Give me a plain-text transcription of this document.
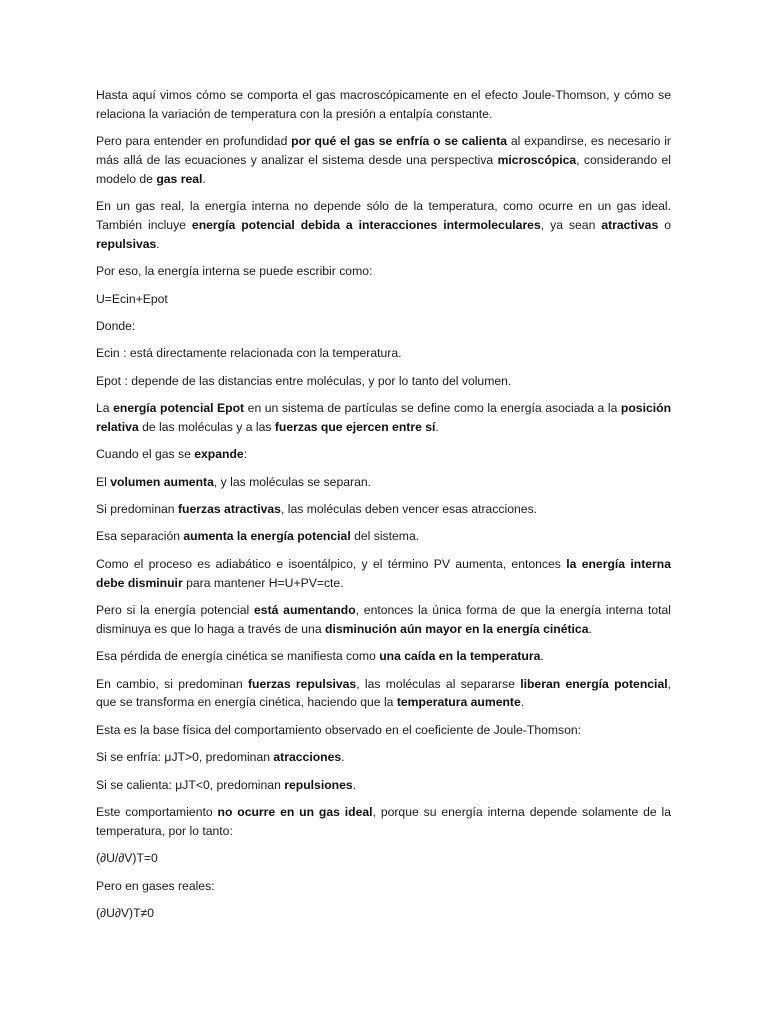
Hasta aquí vimos cómo se comporta el gas macroscópicamente en el efecto Joule-Thomson, y cómo se relaciona la variación de temperatura con la presión a entalpía constante.

Pero para entender en profundidad por qué el gas se enfría o se calienta al expandirse, es necesario ir más allá de las ecuaciones y analizar el sistema desde una perspectiva microscópica, considerando el modelo de gas real.

En un gas real, la energía interna no depende sólo de la temperatura, como ocurre en un gas ideal. También incluye energía potencial debida a interacciones intermoleculares, ya sean atractivas o repulsivas.

Por eso, la energía interna se puede escribir como:

U=Ecin+Epot

Donde:

Ecin : está directamente relacionada con la temperatura.

Epot : depende de las distancias entre moléculas, y por lo tanto del volumen.

La energía potencial Epot en un sistema de partículas se define como la energía asociada a la posición relativa de las moléculas y a las fuerzas que ejercen entre sí.

Cuando el gas se expande:

El volumen aumenta, y las moléculas se separan.

Si predominan fuerzas atractivas, las moléculas deben vencer esas atracciones.

Esa separación aumenta la energía potencial del sistema.

Como el proceso es adiabático e isoentálpico, y el término PV aumenta, entonces la energía interna debe disminuir para mantener H=U+PV=cte.

Pero si la energía potencial está aumentando, entonces la única forma de que la energía interna total disminuya es que lo haga a través de una disminución aún mayor en la energía cinética.

Esa pérdida de energía cinética se manifiesta como una caída en la temperatura.

En cambio, si predominan fuerzas repulsivas, las moléculas al separarse liberan energía potencial, que se transforma en energía cinética, haciendo que la temperatura aumente.

Esta es la base física del comportamiento observado en el coeficiente de Joule-Thomson:

Si se enfría: μJT>0, predominan atracciones.

Si se calienta: μJT<0, predominan repulsiones.

Este comportamiento no ocurre en un gas ideal, porque su energía interna depende solamente de la temperatura, por lo tanto:

(∂U/∂V)T=0

Pero en gases reales:

(∂U∂V)T≠0
